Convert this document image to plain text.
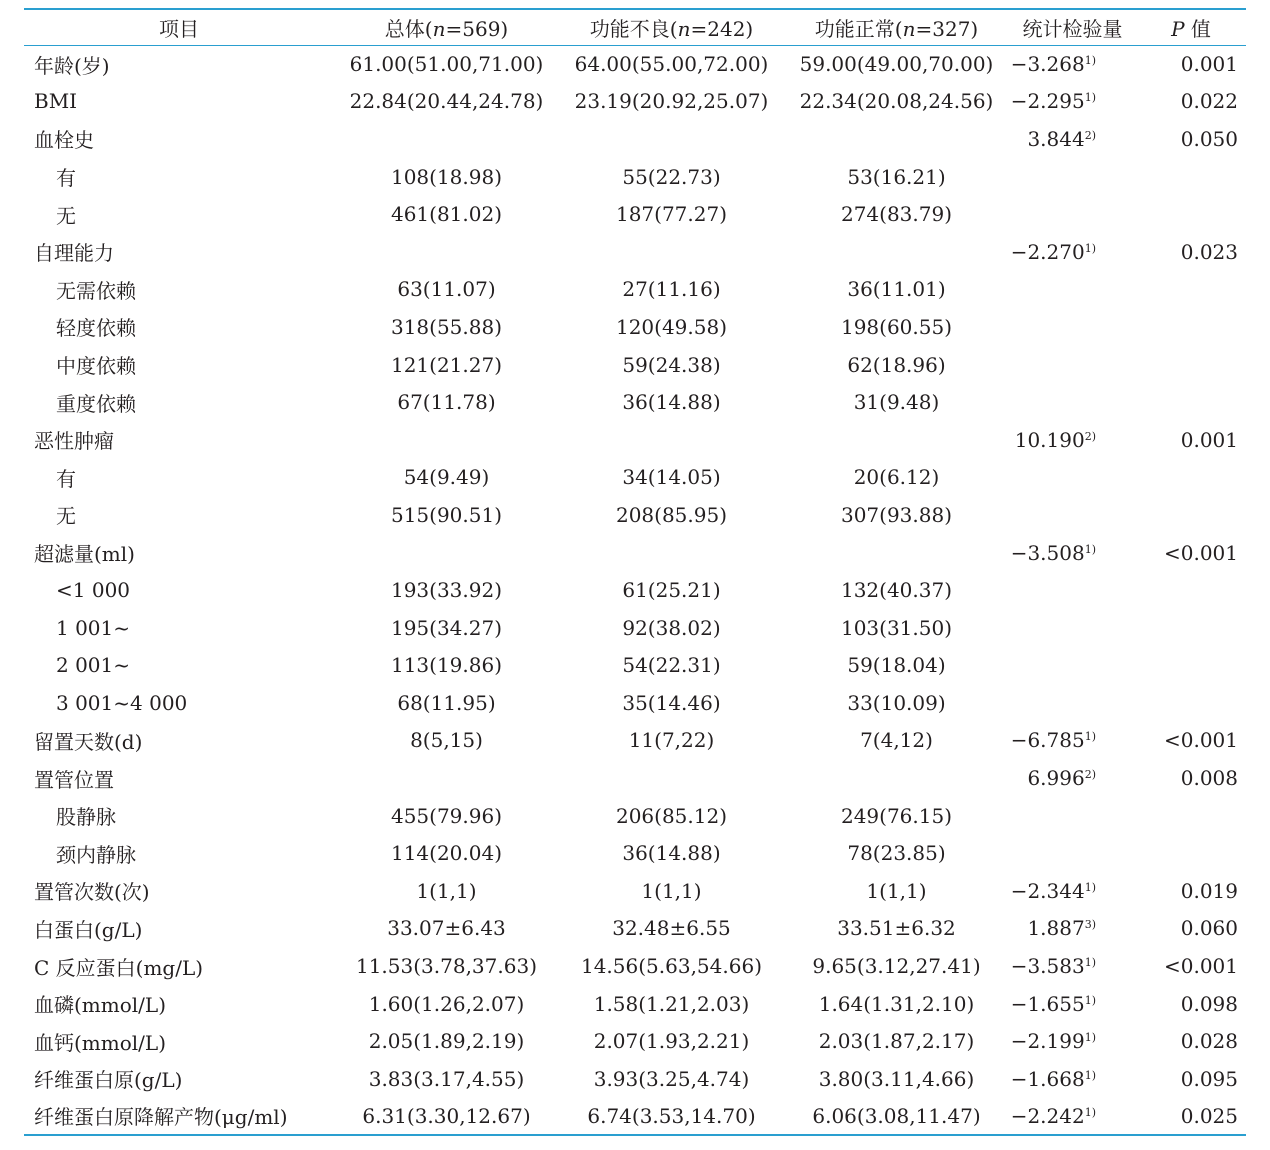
项目	总体(n=569)	功能不良(n=242)	功能正常(n=327)	统计检验量	P 值
年龄(岁)	61.00(51.00,71.00)	64.00(55.00,72.00)	59.00(49.00,70.00)	$-3.268^{1)}$	0.001
BMI	22.84(20.44,24.78)	23.19(20.92,25.07)	22.34(20.08,24.56)	$-2.295^{1)}$	0.022
血栓史				3.844$^{2)}$	0.050
有	108(18.98)	55(22.73)	53(16.21)		
无	461(81.02)	187(77.27)	274(83.79)		
自理能力				$-2.270^{1)}$	0.023
无需依赖	63(11.07)	27(11.16)	36(11.01)		
轻度依赖	318(55.88)	120(49.58)	198(60.55)		
中度依赖	121(21.27)	59(24.38)	62(18.96)		
重度依赖	67(11.78)	36(14.88)	31(9.48)		
恶性肿瘤				10.190$^{2)}$	0.001
有	54(9.49)	34(14.05)	20(6.12)		
无	515(90.51)	208(85.95)	307(93.88)		
超滤量(ml)				$-3.508^{1)}$	<0.001
<1 000	193(33.92)	61(25.21)	132(40.37)		
1 001~	195(34.27)	92(38.02)	103(31.50)		
2 001~	113(19.86)	54(22.31)	59(18.04)		
3 001~4 000	68(11.95)	35(14.46)	33(10.09)		
留置天数(d)	8(5,15)	11(7,22)	7(4,12)	$-6.785^{1)}$	<0.001
置管位置				6.996$^{2)}$	0.008
股静脉	455(79.96)	206(85.12)	249(76.15)		
颈内静脉	114(20.04)	36(14.88)	78(23.85)		
置管次数(次)	1(1,1)	1(1,1)	1(1,1)	$-2.344^{1)}$	0.019
白蛋白(g/L)	33.07±6.43	32.48±6.55	33.51±6.32	1.887$^{3)}$	0.060
C 反应蛋白(mg/L)	11.53(3.78,37.63)	14.56(5.63,54.66)	9.65(3.12,27.41)	$-3.583^{1)}$	<0.001
血磷(mmol/L)	1.60(1.26,2.07)	1.58(1.21,2.03)	1.64(1.31,2.10)	$-1.655^{1)}$	0.098
血钙(mmol/L)	2.05(1.89,2.19)	2.07(1.93,2.21)	2.03(1.87,2.17)	$-2.199^{1)}$	0.028
纤维蛋白原(g/L)	3.83(3.17,4.55)	3.93(3.25,4.74)	3.80(3.11,4.66)	$-1.668^{1)}$	0.095
纤维蛋白原降解产物(μg/ml)	6.31(3.30,12.67)	6.74(3.53,14.70)	6.06(3.08,11.47)	$-2.242^{1)}$	0.025
